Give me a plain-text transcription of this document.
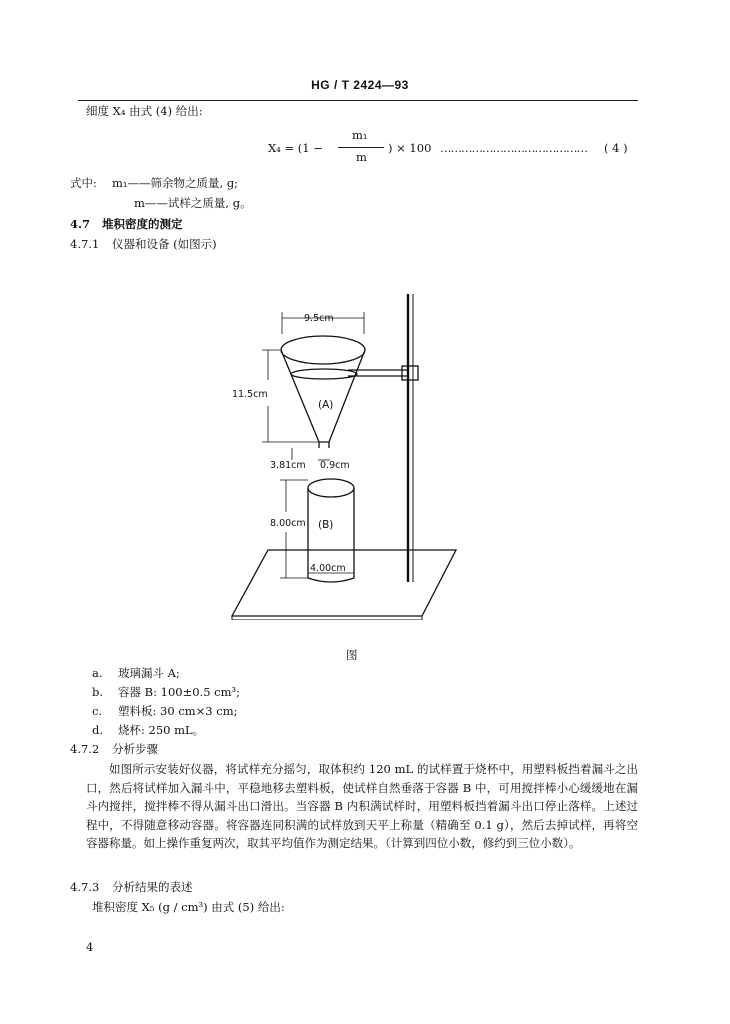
HG / T 2424—93
细度 X₄ 由式 (4) 给出:
X₄ = (1 −
m₁
m
) × 100 …………………………………… ( 4 )
式中: m₁——筛余物之质量, g;
m——试样之质量, g。
4.7 堆积密度的测定
4.7.1 仪器和设备 (如图示)
9.5cm
11.5cm
(A)
3.81cm 0.9cm
8.00cm (B)
4.00cm
图
a. 玻璃漏斗 A;
b. 容器 B: 100±0.5 cm³;
c. 塑料板: 30 cm×3 cm;
d. 烧杯: 250 mL。
4.7.2 分析步骤
如图所示安装好仪器，将试样充分摇匀，取体积约 120 mL 的试样置于烧杯中，用塑料板挡着漏斗之出口，然后将试样加入漏斗中，平稳地移去塑料板，使试样自然垂落于容器 B 中，可用搅拌棒小心缓缓地在漏斗内搅拌，搅拌棒不得从漏斗出口滑出。当容器 B 内积满试样时，用塑料板挡着漏斗出口停止落样。上述过程中，不得随意移动容器。将容器连同积满的试样放到天平上称量（精确至 0.1 g），然后去掉试样，再将空容器称量。如上操作重复两次，取其平均值作为测定结果。（计算到四位小数，修约到三位小数）。
4.7.3 分析结果的表述
堆积密度 X₅ (g / cm³) 由式 (5) 给出:
4
